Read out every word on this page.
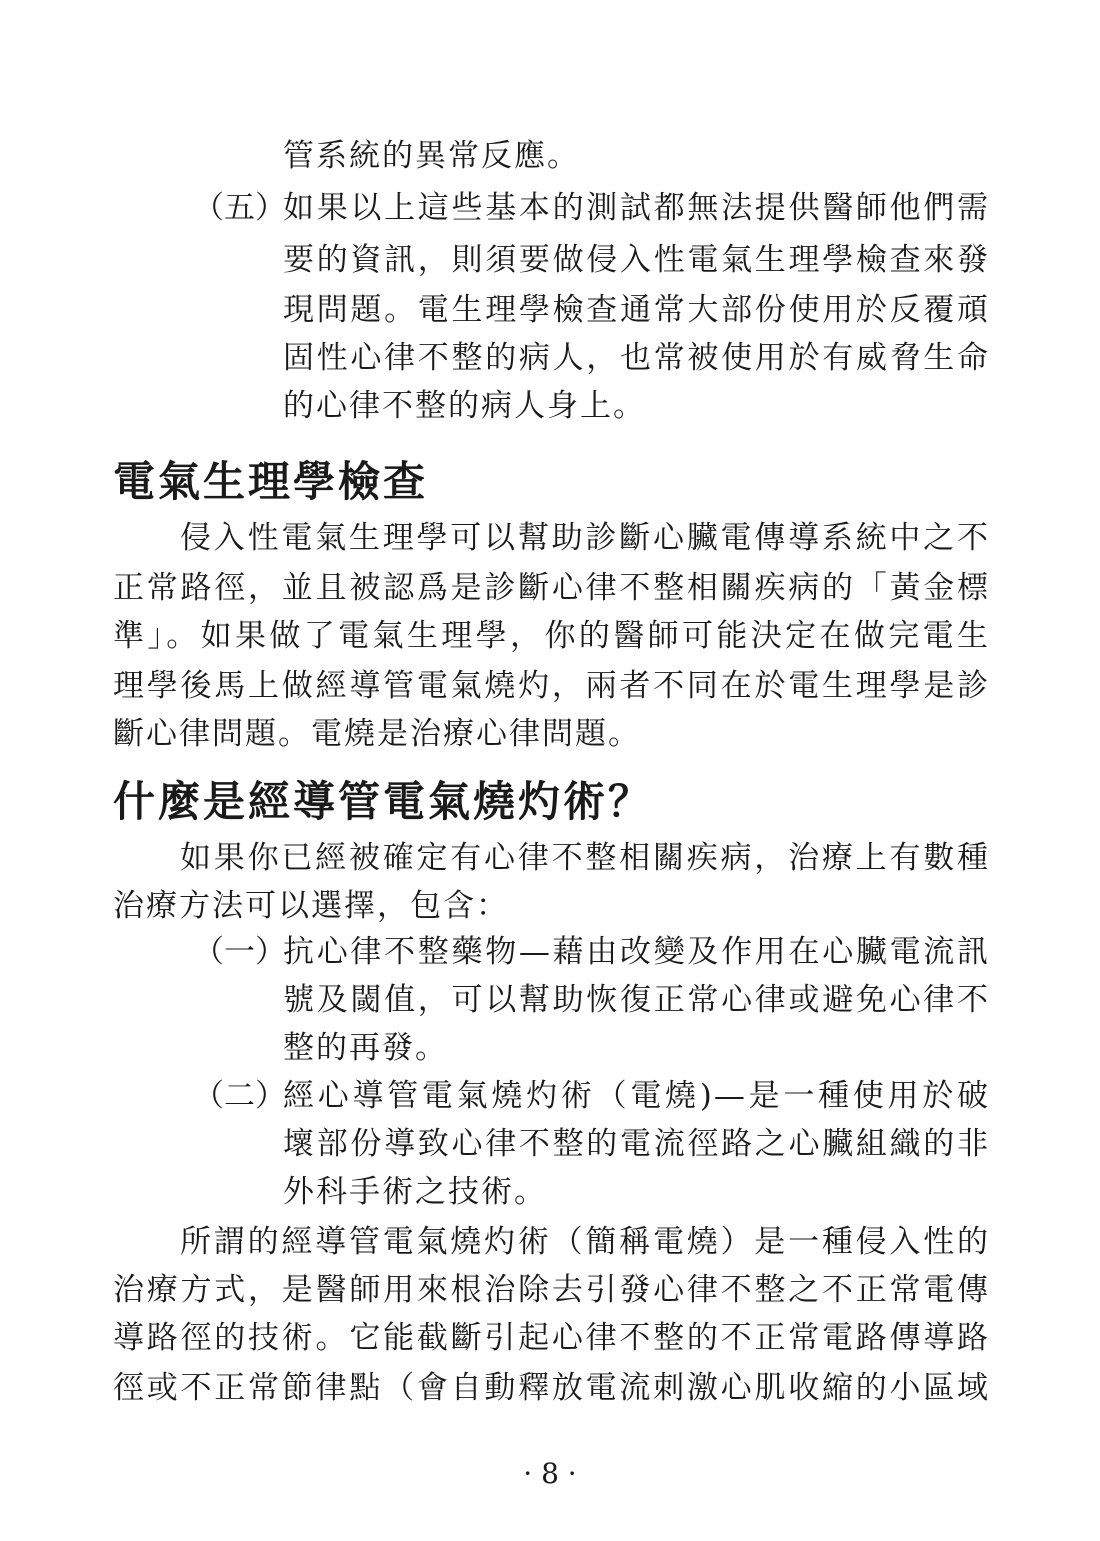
管系統的異常反應。
（五）
如果以上這些基本的測試都無法提供醫師他們需
要的資訊，則須要做侵入性電氣生理學檢查來發
現問題。電生理學檢查通常大部份使用於反覆頑
固性心律不整的病人，也常被使用於有威脅生命
的心律不整的病人身上。
電氣生理學檢查
侵入性電氣生理學可以幫助診斷心臟電傳導系統中之不
正常路徑，並且被認爲是診斷心律不整相關疾病的「黃金標
準」。如果做了電氣生理學，你的醫師可能決定在做完電生
理學後馬上做經導管電氣燒灼，兩者不同在於電生理學是診
斷心律問題。電燒是治療心律問題。
什麼是經導管電氣燒灼術？
如果你已經被確定有心律不整相關疾病，治療上有數種
治療方法可以選擇，包含：
（一）
抗心律不整藥物—藉由改變及作用在心臟電流訊
號及閾值，可以幫助恢復正常心律或避免心律不
整的再發。
（二）
經心導管電氣燒灼術（電燒)—是一種使用於破
壞部份導致心律不整的電流徑路之心臟組織的非
外科手術之技術。
所謂的經導管電氣燒灼術（簡稱電燒）是一種侵入性的
治療方式，是醫師用來根治除去引發心律不整之不正常電傳
導路徑的技術。它能截斷引起心律不整的不正常電路傳導路
徑或不正常節律點（會自動釋放電流刺激心肌收縮的小區域
· 8 ·
